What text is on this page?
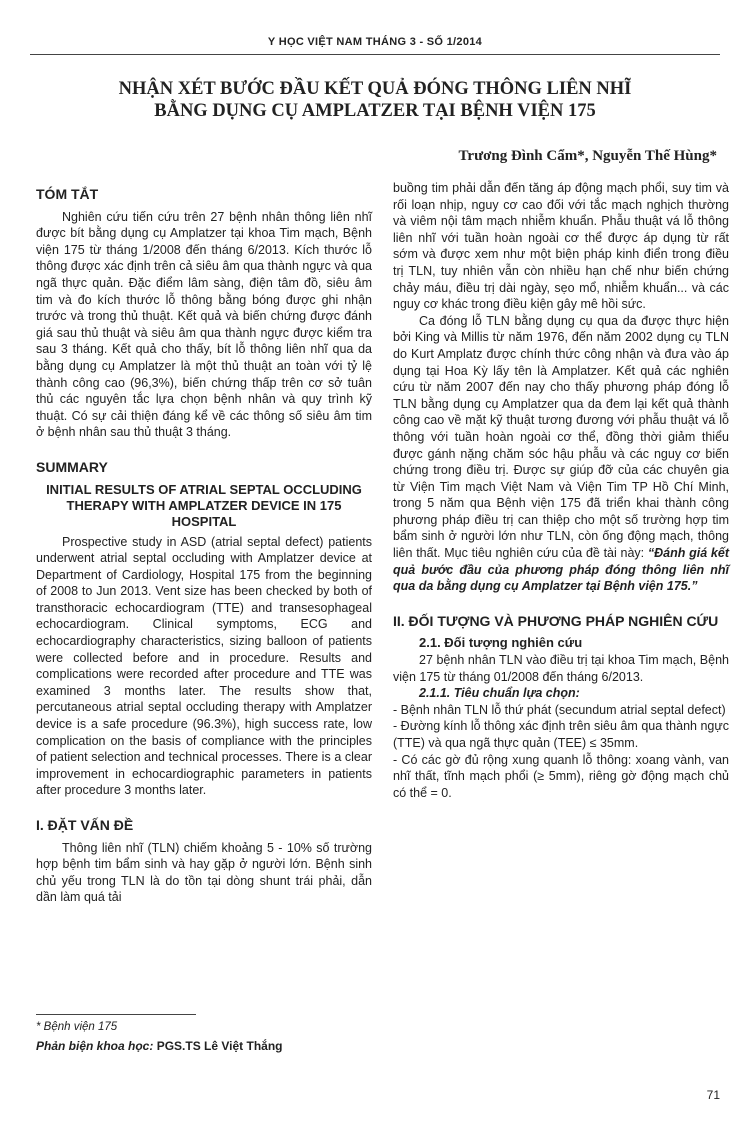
Y HỌC VIỆT NAM THÁNG 3 - SỐ 1/2014
NHẬN XÉT BƯỚC ĐẦU KẾT QUẢ ĐÓNG THÔNG LIÊN NHĨ
BẰNG DỤNG CỤ AMPLATZER TẠI BỆNH VIỆN 175
Trương Đình Cẩm*, Nguyễn Thế Hùng*
TÓM TẮT

Nghiên cứu tiến cứu trên 27 bệnh nhân thông liên nhĩ được bít bằng dụng cụ Amplatzer tại khoa Tim mạch, Bệnh viện 175 từ tháng 1/2008 đến tháng 6/2013. Kích thước lỗ thông được xác định trên cả siêu âm qua thành ngực và qua ngã thực quản. Đặc điểm lâm sàng, điện tâm đồ, siêu âm tim và đo kích thước lỗ thông bằng bóng được ghi nhận trước và trong thủ thuật. Kết quả và biến chứng được đánh giá sau thủ thuật và siêu âm qua thành ngực được kiểm tra sau 3 tháng. Kết quả cho thấy, bít lỗ thông liên nhĩ qua da bằng dụng cụ Amplatzer là một thủ thuật an toàn với tỷ lệ thành công cao (96,3%), biến chứng thấp trên cơ sở tuân thủ các nguyên tắc lựa chọn bệnh nhân và quy trình kỹ thuật. Có sự cải thiện đáng kể về các thông số siêu âm tim ở bệnh nhân sau thủ thuật 3 tháng.

SUMMARY
INITIAL RESULTS OF ATRIAL SEPTAL OCCLUDING THERAPY WITH AMPLATZER DEVICE IN 175 HOSPITAL

Prospective study in ASD (atrial septal defect) patients underwent atrial septal occluding with Amplatzer device at Department of Cardiology, Hospital 175 from the beginning of 2008 to Jun 2013. Vent size has been checked by both of transthoracic echocardiogram (TTE) and transesophageal echocardiogram. Clinical symptoms, ECG and echocardiography characteristics, sizing balloon of patients were collected before and in procedure. Results and complications were recorded after procedure and TTE was examined 3 months later. The results show that, percutaneous atrial septal occluding therapy with Amplatzer device is a safe procedure (96.3%), high success rate, low complication on the basis of compliance with the principles of patient selection and technical processes. There is a clear improvement in echocardiographic parameters in patients after procedure 3 months later.

I. ĐẶT VẤN ĐỀ

Thông liên nhĩ (TLN) chiếm khoảng 5 - 10% số trường hợp bệnh tim bẩm sinh và hay gặp ở người lớn. Bệnh sinh chủ yếu trong TLN là do tồn tại dòng shunt trái phải, dẫn dần làm quá tải

buồng tim phải dẫn đến tăng áp động mạch phổi, suy tim và rối loạn nhịp, nguy cơ cao đối với tắc mạch nghịch thường và viêm nội tâm mạch nhiễm khuẩn. Phẫu thuật vá lỗ thông liên nhĩ với tuần hoàn ngoài cơ thể được áp dụng từ rất sớm và được xem như một biện pháp kinh điển trong điều trị TLN, tuy nhiên vẫn còn nhiều hạn chế như biến chứng chảy máu, điều trị dài ngày, sẹo mổ, nhiễm khuẩn... và các nguy cơ khác trong điều kiện gây mê hồi sức.

Ca đóng lỗ TLN bằng dụng cụ qua da được thực hiện bởi King và Millis từ năm 1976, đến năm 2002 dụng cụ TLN do Kurt Amplatz được chính thức công nhận và đưa vào áp dụng tại Hoa Kỳ lấy tên là Amplatzer. Kết quả các nghiên cứu từ năm 2007 đến nay cho thấy phương pháp đóng lỗ TLN bằng dụng cụ Amplatzer qua da đem lại kết quả thành công cao về mặt kỹ thuật tương đương với phẫu thuật vá lỗ thông với tuần hoàn ngoài cơ thể, đồng thời giảm thiểu được gánh nặng chăm sóc hậu phẫu và các nguy cơ biến chứng trong điều trị. Được sự giúp đỡ của các chuyên gia từ Viện Tim mạch Việt Nam và Viện Tim TP Hồ Chí Minh, trong 5 năm qua Bệnh viện 175 đã triển khai thành công phương pháp điều trị can thiệp cho một số trường hợp tim bẩm sinh ở người lớn như TLN, còn ống động mạch, thông liên thất. Mục tiêu nghiên cứu của đề tài này: “Đánh giá kết quả bước đầu của phương pháp đóng thông liên nhĩ qua da bằng dụng cụ Amplatzer tại Bệnh viện 175.”

II. ĐỐI TƯỢNG VÀ PHƯƠNG PHÁP NGHIÊN CỨU
2.1. Đối tượng nghiên cứu

27 bệnh nhân TLN vào điều trị tại khoa Tim mạch, Bệnh viện 175 từ tháng 01/2008 đến tháng 6/2013.

2.1.1. Tiêu chuẩn lựa chọn:

- Bệnh nhân TLN lỗ thứ phát (secundum atrial septal defect)

- Đường kính lỗ thông xác định trên siêu âm qua thành ngực (TTE) và qua ngã thực quản (TEE) ≤ 35mm.

- Có các gờ đủ rộng xung quanh lỗ thông: xoang vành, van nhĩ thất, tĩnh mạch phổi (≥ 5mm), riêng gờ động mạch chủ có thể = 0.

* Bệnh viện 175
Phản biện khoa học: PGS.TS Lê Việt Thắng
71
